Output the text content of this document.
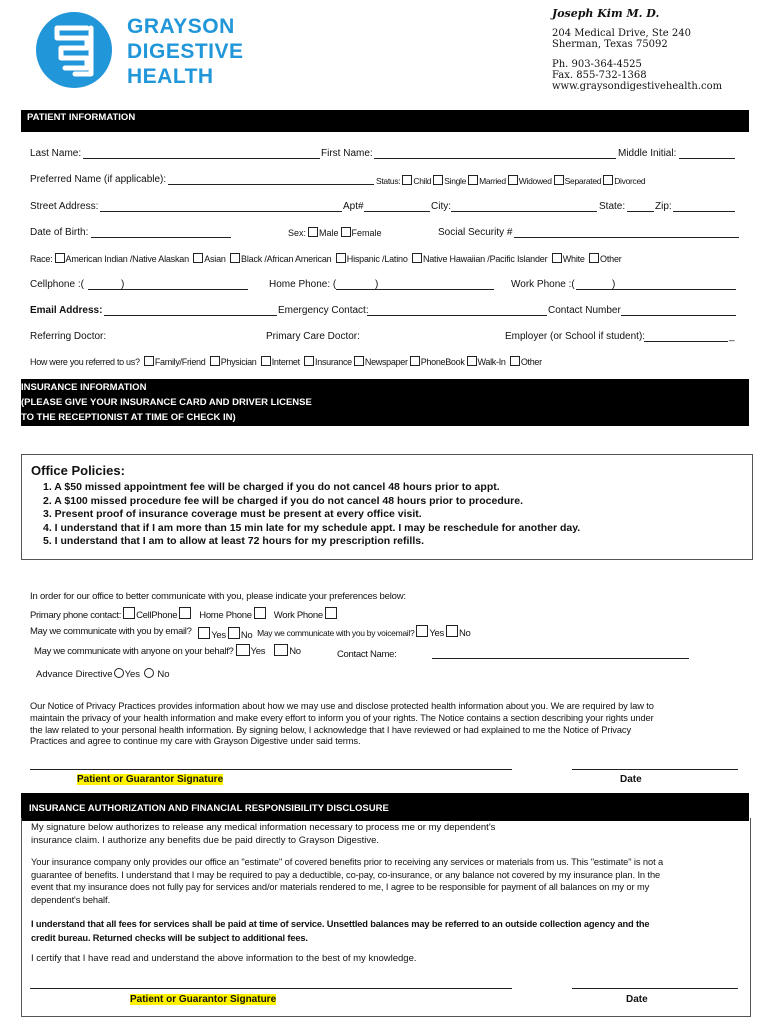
GRAYSON
DIGESTIVE
HEALTH
Joseph Kim M. D.
204 Medical Drive, Ste 240
Sherman, Texas 75092
Ph. 903-364-4525
Fax. 855-732-1368
www.graysondigestivehealth.com
PATIENT INFORMATION
Last Name:	First Name:	Middle Initial:
Preferred Name (if applicable):	Status: Child Single Married Widowed Separated Divorced
Street Address:	Apt#	City:	State:	Zip:
Date of Birth:	Sex: Male Female	Social Security #
Race: American Indian /Native Alaskan Asian Black /African American Hispanic /Latino Native Hawaiian /Pacific Islander White Other
Cellphone :(	)	Home Phone: (	)	Work Phone :(	)
Email Address:	Emergency Contact:	Contact Number
Referring Doctor:	Primary Care Doctor:	Employer (or School if student):	_
How were you referred to us? Family/Friend Physician Internet Insurance Newspaper PhoneBook Walk-In Other
INSURANCE INFORMATION
(PLEASE GIVE YOUR INSURANCE CARD AND DRIVER LICENSE
TO THE RECEPTIONIST AT TIME OF CHECK IN)
Office Policies:
1. A $50 missed appointment fee will be charged if you do not cancel 48 hours prior to appt.
2. A $100 missed procedure fee will be charged if you do not cancel 48 hours prior to procedure.
3. Present proof of insurance coverage must be present at every office visit.
4. I understand that if I am more than 15 min late for my schedule appt. I may be reschedule for another day.
5. I understand that I am to allow at least 72 hours for my prescription refills.
In order for our office to better communicate with you, please indicate your preferences below:
Primary phone contact: CellPhone Home Phone Work Phone
May we communicate with you by email? Yes No May we communicate with you by voicemail? Yes No
May we communicate with anyone on your behalf? Yes	No	Contact Name:
Advance Directive Yes No
Our Notice of Privacy Practices provides information about how we may use and disclose protected health information about you. We are required by law to
maintain the privacy of your health information and make every effort to inform you of your rights. The Notice contains a section describing your rights under
the law related to your personal health information. By signing below, I acknowledge that I have reviewed or had explained to me the Notice of Privacy
Practices and agree to continue my care with Grayson Digestive under said terms.
Patient or Guarantor Signature	Date
INSURANCE AUTHORIZATION AND FINANCIAL RESPONSIBILITY DISCLOSURE
My signature below authorizes to release any medical information necessary to process me or my dependent's
insurance claim. I authorize any benefits due be paid directly to Grayson Digestive.
Your insurance company only provides our office an "estimate" of covered benefits prior to receiving any services or materials from us. This "estimate" is not a
guarantee of benefits. I understand that I may be required to pay a deductible, co-pay, co-insurance, or any balance not covered by my insurance plan. In the
event that my insurance does not fully pay for services and/or materials rendered to me, I agree to be responsible for payment of all balances on my or my
dependent's behalf.
I understand that all fees for services shall be paid at time of service. Unsettled balances may be referred to an outside collection agency and the
credit bureau. Returned checks will be subject to additional fees.
I certify that I have read and understand the above information to the best of my knowledge.
Patient or Guarantor Signature	Date
